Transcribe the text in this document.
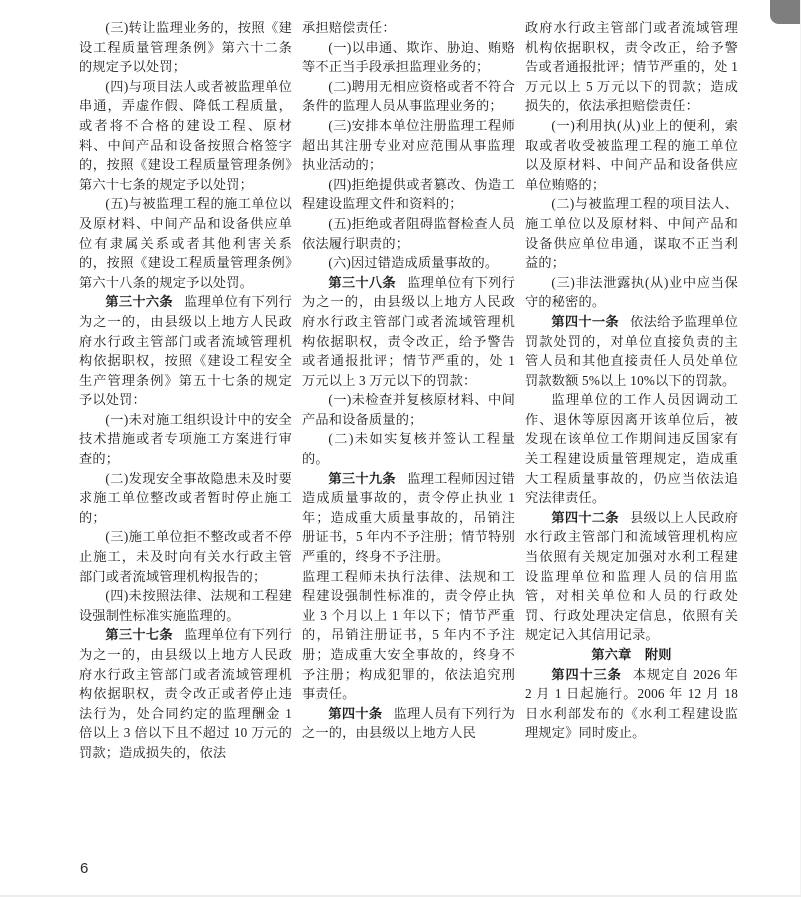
(三)转让监理业务的，按照《建设工程质量管理条例》第六十二条的规定予以处罚；

(四)与项目法人或者被监理单位串通，弄虚作假、降低工程质量，或者将不合格的建设工程、原材料、中间产品和设备按照合格签字的，按照《建设工程质量管理条例》第六十七条的规定予以处罚；

(五)与被监理工程的施工单位以及原材料、中间产品和设备供应单位有隶属关系或者其他利害关系的，按照《建设工程质量管理条例》第六十八条的规定予以处罚。

第三十六条 监理单位有下列行为之一的，由县级以上地方人民政府水行政主管部门或者流域管理机构依据职权，按照《建设工程安全生产管理条例》第五十七条的规定予以处罚：

(一)未对施工组织设计中的安全技术措施或者专项施工方案进行审查的；

(二)发现安全事故隐患未及时要求施工单位整改或者暂时停止施工的；

(三)施工单位拒不整改或者不停止施工，未及时向有关水行政主管部门或者流域管理机构报告的；

(四)未按照法律、法规和工程建设强制性标准实施监理的。

第三十七条 监理单位有下列行为之一的，由县级以上地方人民政府水行政主管部门或者流域管理机构依据职权，责令改正或者停止违法行为，处合同约定的监理酬金 1 倍以上 3 倍以下且不超过 10 万元的罚款；造成损失的，依法

承担赔偿责任：

(一)以串通、欺诈、胁迫、贿赂等不正当手段承担监理业务的；

(二)聘用无相应资格或者不符合条件的监理人员从事监理业务的；

(三)安排本单位注册监理工程师超出其注册专业对应范围从事监理执业活动的；

(四)拒绝提供或者篡改、伪造工程建设监理文件和资料的；

(五)拒绝或者阻碍监督检查人员依法履行职责的；

(六)因过错造成质量事故的。

第三十八条 监理单位有下列行为之一的，由县级以上地方人民政府水行政主管部门或者流域管理机构依据职权，责令改正，给予警告或者通报批评；情节严重的，处 1 万元以上 3 万元以下的罚款：

(一)未检查并复核原材料、中间产品和设备质量的；

(二)未如实复核并签认工程量的。

第三十九条 监理工程师因过错造成质量事故的，责令停止执业 1 年；造成重大质量事故的，吊销注册证书，5 年内不予注册；情节特别严重的，终身不予注册。

监理工程师未执行法律、法规和工程建设强制性标准的，责令停止执业 3 个月以上 1 年以下；情节严重的，吊销注册证书，5 年内不予注册；造成重大安全事故的，终身不予注册；构成犯罪的，依法追究刑事责任。

第四十条 监理人员有下列行为之一的，由县级以上地方人民

政府水行政主管部门或者流域管理机构依据职权，责令改正，给予警告或者通报批评；情节严重的，处 1 万元以上 5 万元以下的罚款；造成损失的，依法承担赔偿责任：

(一)利用执(从)业上的便利，索取或者收受被监理工程的施工单位以及原材料、中间产品和设备供应单位贿赂的；

(二)与被监理工程的项目法人、施工单位以及原材料、中间产品和设备供应单位串通，谋取不正当利益的；

(三)非法泄露执(从)业中应当保守的秘密的。

第四十一条 依法给予监理单位罚款处罚的，对单位直接负责的主管人员和其他直接责任人员处单位罚款数额 5%以上 10%以下的罚款。

监理单位的工作人员因调动工作、退休等原因离开该单位后，被发现在该单位工作期间违反国家有关工程建设质量管理规定，造成重大工程质量事故的，仍应当依法追究法律责任。

第四十二条 县级以上人民政府水行政主管部门和流域管理机构应当依照有关规定加强对水利工程建设监理单位和监理人员的信用监管，对相关单位和人员的行政处罚、行政处理决定信息，依照有关规定记入其信用记录。

第六章　附则

第四十三条 本规定自 2026 年 2 月 1 日起施行。2006 年 12 月 18 日水利部发布的《水利工程建设监理规定》同时废止。

6
